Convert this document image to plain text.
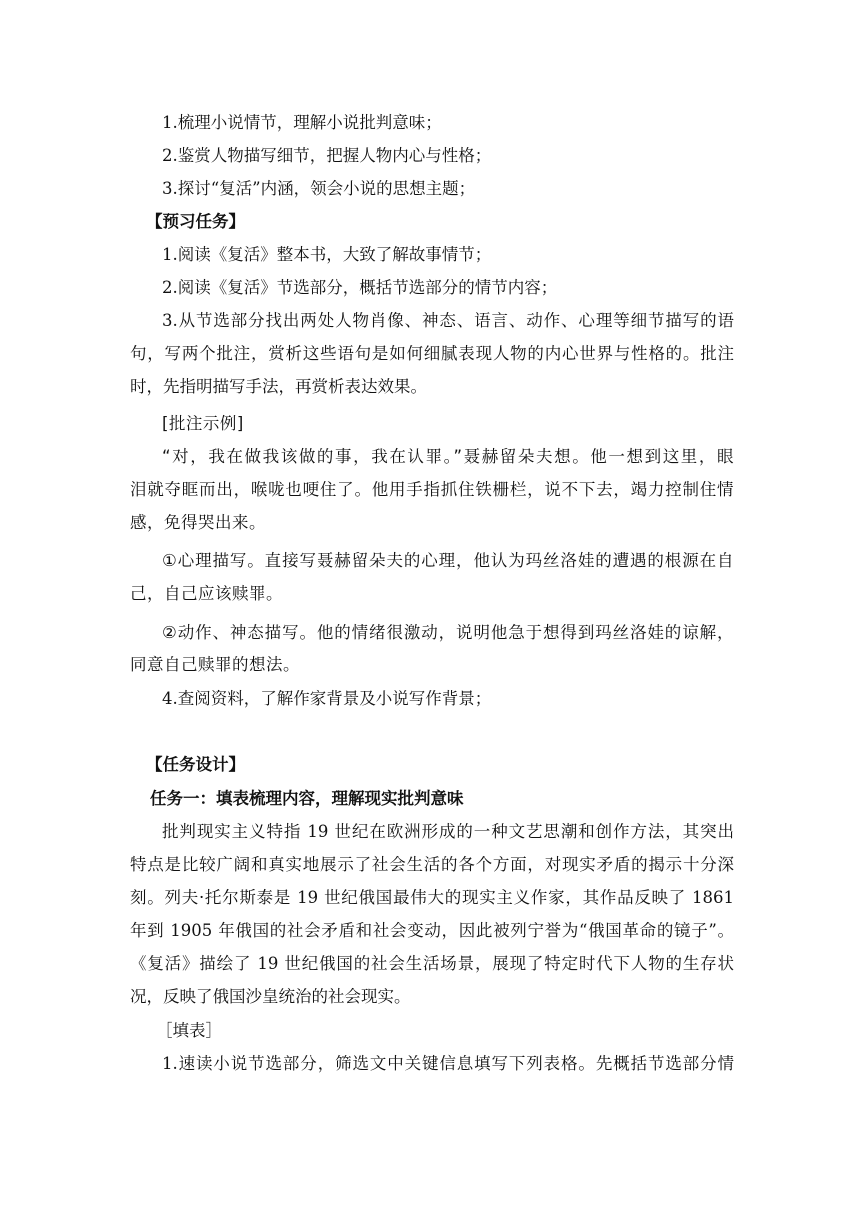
1.梳理小说情节，理解小说批判意味；
2.鉴赏人物描写细节，把握人物内心与性格；
3.探讨“复活”内涵，领会小说的思想主题；
【预习任务】
1.阅读《复活》整本书，大致了解故事情节；
2.阅读《复活》节选部分，概括节选部分的情节内容；
3.从节选部分找出两处人物肖像、神态、语言、动作、心理等细节描写的语
句，写两个批注，赏析这些语句是如何细腻表现人物的内心世界与性格的。批注
时，先指明描写手法，再赏析表达效果。
[批注示例]
“对，我在做我该做的事，我在认罪。”聂赫留朵夫想。他一想到这里，眼
泪就夺眶而出，喉咙也哽住了。他用手指抓住铁栅栏，说不下去，竭力控制住情
感，免得哭出来。
①心理描写。直接写聂赫留朵夫的心理，他认为玛丝洛娃的遭遇的根源在自
己，自己应该赎罪。
②动作、神态描写。他的情绪很激动，说明他急于想得到玛丝洛娃的谅解，
同意自己赎罪的想法。
4.查阅资料，了解作家背景及小说写作背景；
【任务设计】
任务一：填表梳理内容，理解现实批判意味
批判现实主义特指 19 世纪在欧洲形成的一种文艺思潮和创作方法，其突出
特点是比较广阔和真实地展示了社会生活的各个方面，对现实矛盾的揭示十分深
刻。列夫·托尔斯泰是 19 世纪俄国最伟大的现实主义作家，其作品反映了 1861
年到 1905 年俄国的社会矛盾和社会变动，因此被列宁誉为“俄国革命的镜子”。
《复活》描绘了 19 世纪俄国的社会生活场景，展现了特定时代下人物的生存状
况，反映了俄国沙皇统治的社会现实。
［填表］
1.速读小说节选部分，筛选文中关键信息填写下列表格。先概括节选部分情
